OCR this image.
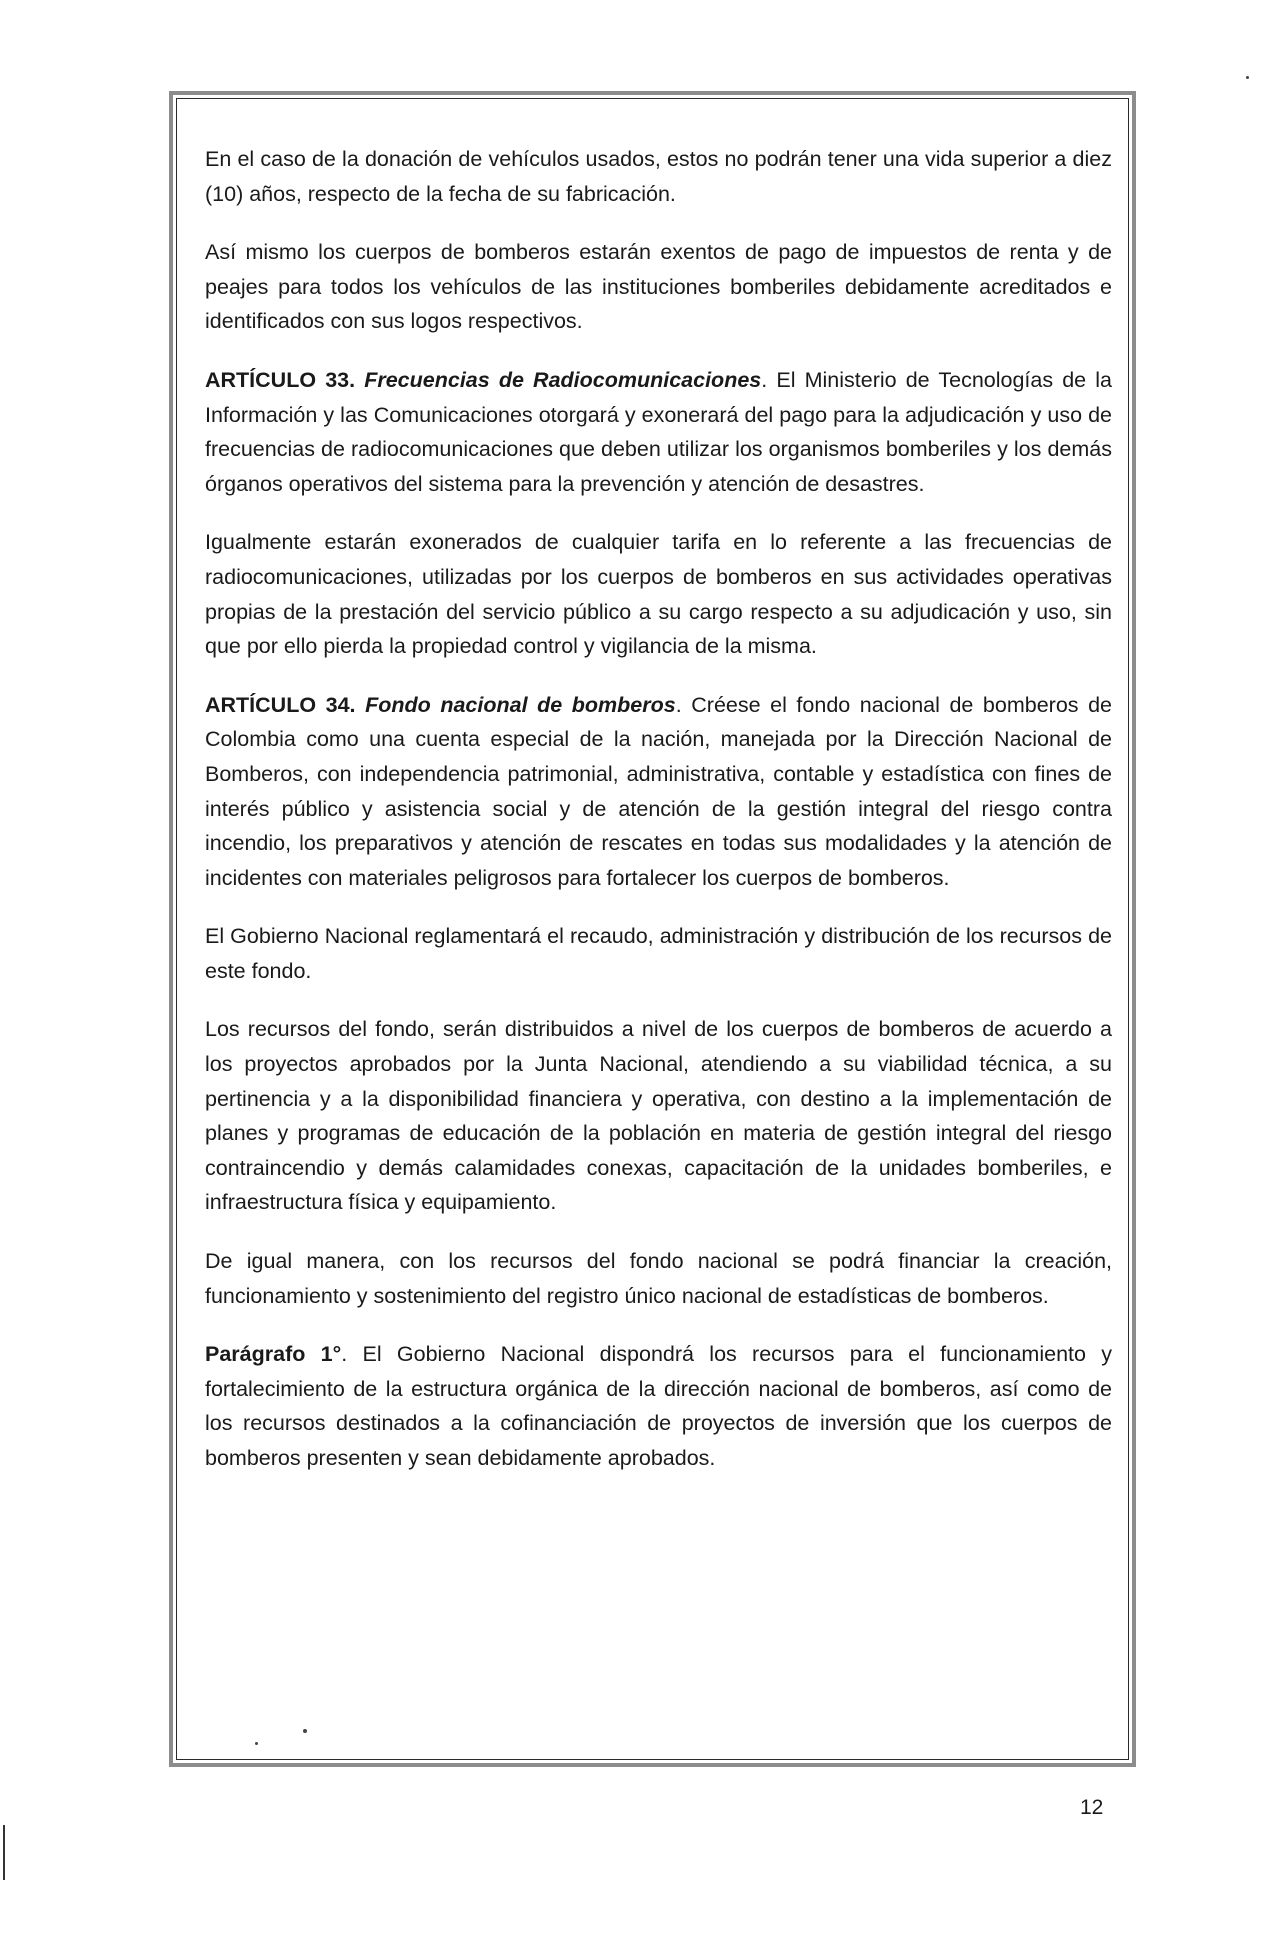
En el caso de la donación de vehículos usados, estos no podrán tener una vida superior a diez (10) años, respecto de la fecha de su fabricación.

Así mismo los cuerpos de bomberos estarán exentos de pago de impuestos de renta y de peajes para todos los vehículos de las instituciones bomberiles debidamente acreditados e identificados con sus logos respectivos.

ARTÍCULO 33. Frecuencias de Radiocomunicaciones. El Ministerio de Tecnologías de la Información y las Comunicaciones otorgará y exonerará del pago para la adjudicación y uso de frecuencias de radiocomunicaciones que deben utilizar los organismos bomberiles y los demás órganos operativos del sistema para la prevención y atención de desastres.

Igualmente estarán exonerados de cualquier tarifa en lo referente a las frecuencias de radiocomunicaciones, utilizadas por los cuerpos de bomberos en sus actividades operativas propias de la prestación del servicio público a su cargo respecto a su adjudicación y uso, sin que por ello pierda la propiedad control y vigilancia de la misma.

ARTÍCULO 34. Fondo nacional de bomberos. Créese el fondo nacional de bomberos de Colombia como una cuenta especial de la nación, manejada por la Dirección Nacional de Bomberos, con independencia patrimonial, administrativa, contable y estadística con fines de interés público y asistencia social y de atención de la gestión integral del riesgo contra incendio, los preparativos y atención de rescates en todas sus modalidades y la atención de incidentes con materiales peligrosos para fortalecer los cuerpos de bomberos.

El Gobierno Nacional reglamentará el recaudo, administración y distribución de los recursos de este fondo.

Los recursos del fondo, serán distribuidos a nivel de los cuerpos de bomberos de acuerdo a los proyectos aprobados por la Junta Nacional, atendiendo a su viabilidad técnica, a su pertinencia y a la disponibilidad financiera y operativa, con destino a la implementación de planes y programas de educación de la población en materia de gestión integral del riesgo contraincendio y demás calamidades conexas, capacitación de la unidades bomberiles, e infraestructura física y equipamiento.

De igual manera, con los recursos del fondo nacional se podrá financiar la creación, funcionamiento y sostenimiento del registro único nacional de estadísticas de bomberos.

Parágrafo 1°. El Gobierno Nacional dispondrá los recursos para el funcionamiento y fortalecimiento de la estructura orgánica de la dirección nacional de bomberos, así como de los recursos destinados a la cofinanciación de proyectos de inversión que los cuerpos de bomberos presenten y sean debidamente aprobados.

12
